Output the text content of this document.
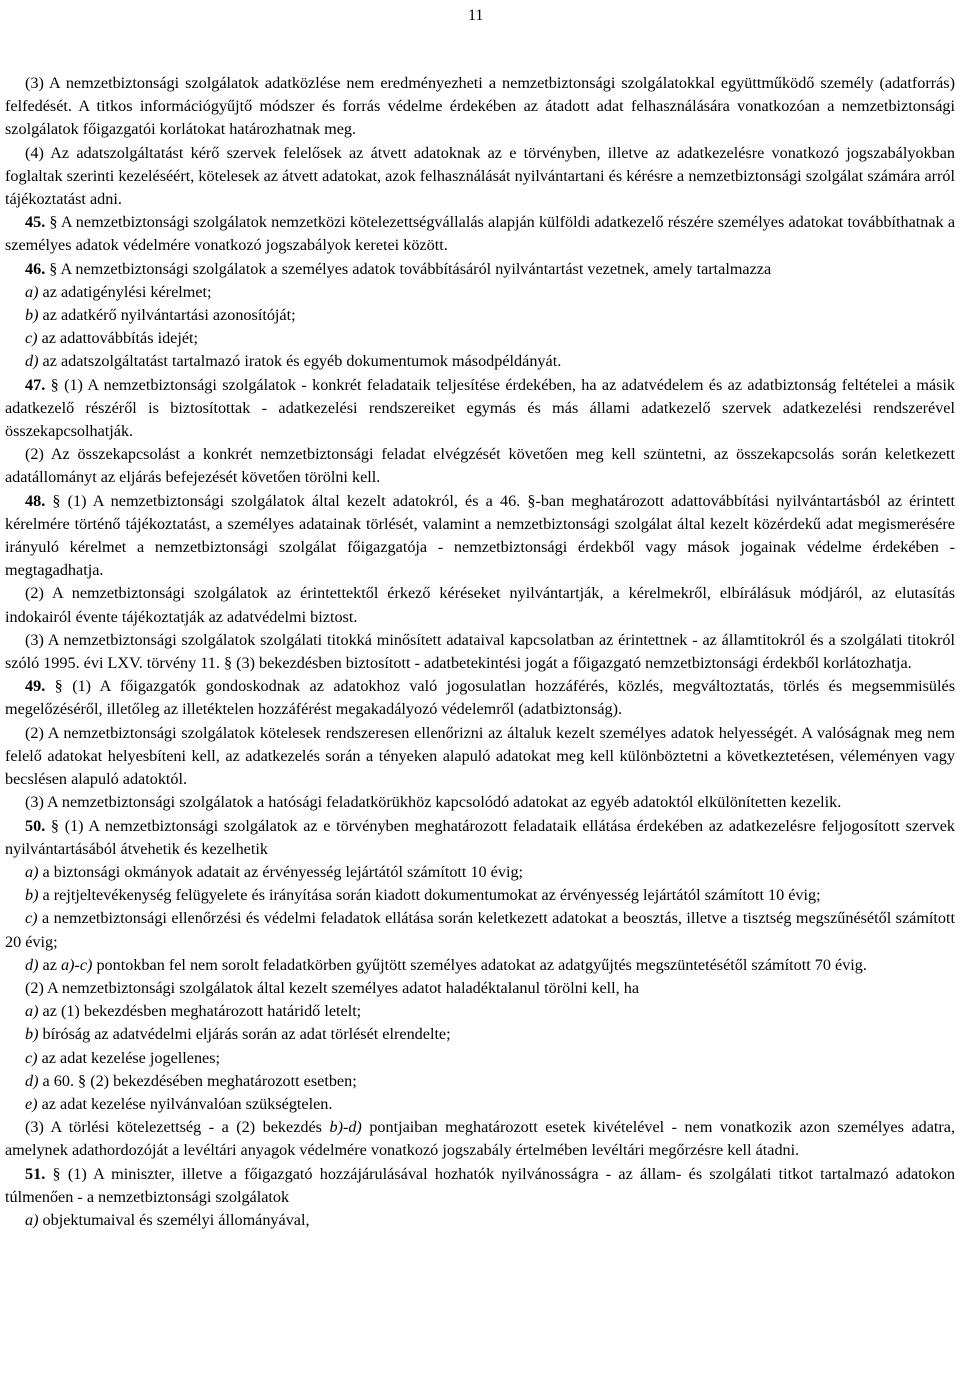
11

(3) A nemzetbiztonsági szolgálatok adatközlése nem eredményezheti a nemzetbiztonsági szolgálatokkal együttműködő személy (adatforrás) felfedését. A titkos információgyűjtő módszer és forrás védelme érdekében az átadott adat felhasználására vonatkozóan a nemzetbiztonsági szolgálatok főigazgatói korlátokat határozhatnak meg.

(4) Az adatszolgáltatást kérő szervek felelősek az átvett adatoknak az e törvényben, illetve az adatkezelésre vonatkozó jogszabályokban foglaltak szerinti kezeléséért, kötelesek az átvett adatokat, azok felhasználását nyilvántartani és kérésre a nemzetbiztonsági szolgálat számára arról tájékoztatást adni.

45. § A nemzetbiztonsági szolgálatok nemzetközi kötelezettségvállalás alapján külföldi adatkezelő részére személyes adatokat továbbíthatnak a személyes adatok védelmére vonatkozó jogszabályok keretei között.

46. § A nemzetbiztonsági szolgálatok a személyes adatok továbbításáról nyilvántartást vezetnek, amely tartalmazza

a) az adatigénylési kérelmet;

b) az adatkérő nyilvántartási azonosítóját;

c) az adattovábbítás idejét;

d) az adatszolgáltatást tartalmazó iratok és egyéb dokumentumok másodpéldányát.

47. § (1) A nemzetbiztonsági szolgálatok - konkrét feladataik teljesítése érdekében, ha az adatvédelem és az adatbiztonság feltételei a másik adatkezelő részéről is biztosítottak - adatkezelési rendszereiket egymás és más állami adatkezelő szervek adatkezelési rendszerével összekapcsolhatják.

(2) Az összekapcsolást a konkrét nemzetbiztonsági feladat elvégzését követően meg kell szüntetni, az összekapcsolás során keletkezett adatállományt az eljárás befejezését követően törölni kell.

48. § (1) A nemzetbiztonsági szolgálatok által kezelt adatokról, és a 46. §-ban meghatározott adattovábbítási nyilvántartásból az érintett kérelmére történő tájékoztatást, a személyes adatainak törlését, valamint a nemzetbiztonsági szolgálat által kezelt közérdekű adat megismerésére irányuló kérelmet a nemzetbiztonsági szolgálat főigazgatója - nemzetbiztonsági érdekből vagy mások jogainak védelme érdekében - megtagadhatja.

(2) A nemzetbiztonsági szolgálatok az érintettektől érkező kéréseket nyilvántartják, a kérelmekről, elbírálásuk módjáról, az elutasítás indokairól évente tájékoztatják az adatvédelmi biztost.

(3) A nemzetbiztonsági szolgálatok szolgálati titokká minősített adataival kapcsolatban az érintettnek - az államtitokról és a szolgálati titokról szóló 1995. évi LXV. törvény 11. § (3) bekezdésben biztosított - adatbetekintési jogát a főigazgató nemzetbiztonsági érdekből korlátozhatja.

49. § (1) A főigazgatók gondoskodnak az adatokhoz való jogosulatlan hozzáférés, közlés, megváltoztatás, törlés és megsemmisülés megelőzéséről, illetőleg az illetéktelen hozzáférést megakadályozó védelemről (adatbiztonság).

(2) A nemzetbiztonsági szolgálatok kötelesek rendszeresen ellenőrizni az általuk kezelt személyes adatok helyességét. A valóságnak meg nem felelő adatokat helyesbíteni kell, az adatkezelés során a tényeken alapuló adatokat meg kell különböztetni a következtetésen, véleményen vagy becslésen alapuló adatoktól.

(3) A nemzetbiztonsági szolgálatok a hatósági feladatkörükhöz kapcsolódó adatokat az egyéb adatoktól elkülönítetten kezelik.

50. § (1) A nemzetbiztonsági szolgálatok az e törvényben meghatározott feladataik ellátása érdekében az adatkezelésre feljogosított szervek nyilvántartásából átvehetik és kezelhetik

a) a biztonsági okmányok adatait az érvényesség lejártától számított 10 évig;

b) a rejtjeltevékenység felügyelete és irányítása során kiadott dokumentumokat az érvényesség lejártától számított 10 évig;

c) a nemzetbiztonsági ellenőrzési és védelmi feladatok ellátása során keletkezett adatokat a beosztás, illetve a tisztség megszűnésétől számított 20 évig;

d) az a)-c) pontokban fel nem sorolt feladatkörben gyűjtött személyes adatokat az adatgyűjtés megszüntetésétől számított 70 évig.

(2) A nemzetbiztonsági szolgálatok által kezelt személyes adatot haladéktalanul törölni kell, ha

a) az (1) bekezdésben meghatározott határidő letelt;

b) bíróság az adatvédelmi eljárás során az adat törlését elrendelte;

c) az adat kezelése jogellenes;

d) a 60. § (2) bekezdésében meghatározott esetben;

e) az adat kezelése nyilvánvalóan szükségtelen.

(3) A törlési kötelezettség - a (2) bekezdés b)-d) pontjaiban meghatározott esetek kivételével - nem vonatkozik azon személyes adatra, amelynek adathordozóját a levéltári anyagok védelmére vonatkozó jogszabály értelmében levéltári megőrzésre kell átadni.

51. § (1) A miniszter, illetve a főigazgató hozzájárulásával hozhatók nyilvánosságra - az állam- és szolgálati titkot tartalmazó adatokon túlmenően - a nemzetbiztonsági szolgálatok

a) objektumaival és személyi állományával,
